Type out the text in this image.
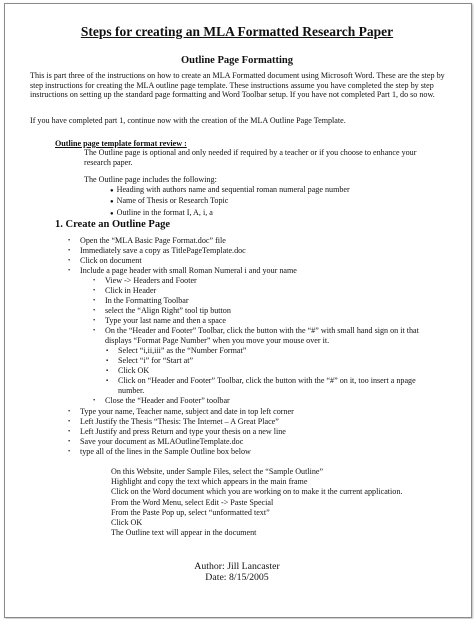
Steps for creating an MLA Formatted Research Paper
Outline Page Formatting
This is part three of the instructions on how to create an MLA Formatted document using Microsoft Word. These are the step by step instructions for creating the MLA outline page template. These instructions assume you have completed the step by step instructions on setting up the standard page formatting and Word Toolbar setup. If you have not completed Part 1, do so now.
If you have completed part 1, continue now with the creation of the MLA Outline Page Template.
Outline page template format review :
The Outline page is optional and only needed if required by a teacher or if you choose to enhance your research paper.
The Outline page includes the following:
● Heading with authors name and sequential roman numeral page number
● Name of Thesis or Research Topic
● Outline in the format I, A, i, a
1. Create an Outline Page
• Open the “MLA Basic Page Format.doc” file
• Immediately save a copy as TitlePageTemplate.doc
• Click on document
• Include a page header with small Roman Numeral i and your name
• View -> Headers and Footer
• Click in Header
• In the Formatting Toolbar
• select the “Align Right” tool tip button
• Type your last name and then a space
• On the “Header and Footer” Toolbar, click the button with the “#” with small hand sign on it that
displays “Format Page Number” when you move your mouse over it.
▪ Select “i,ii,iii” as the “Number Format”
▪ Select “i” for “Start at”
▪ Click OK
▪ Click on “Header and Footer” Toolbar, click the button with the “#” on it, too insert a npage
number.
• Close the “Header and Footer” toolbar
• Type your name, Teacher name, subject and date in top left corner
• Left Justify the Thesis “Thesis: The Internet – A Great Place”
• Left Justify and press Return and type your thesis on a new line
• Save your document as MLAOutlineTemplate.doc
• type all of the lines in the Sample Outline box below
On this Website, under Sample Files, select the “Sample Outline”
Highlight and copy the text which appears in the main frame
Click on the Word document which you are working on to make it the current application.
From the Word Menu, select Edit -> Paste Special
From the Paste Pop up, select “unformatted text”
Click OK
The Outline text will appear in the document
Author: Jill Lancaster
Date: 8/15/2005
